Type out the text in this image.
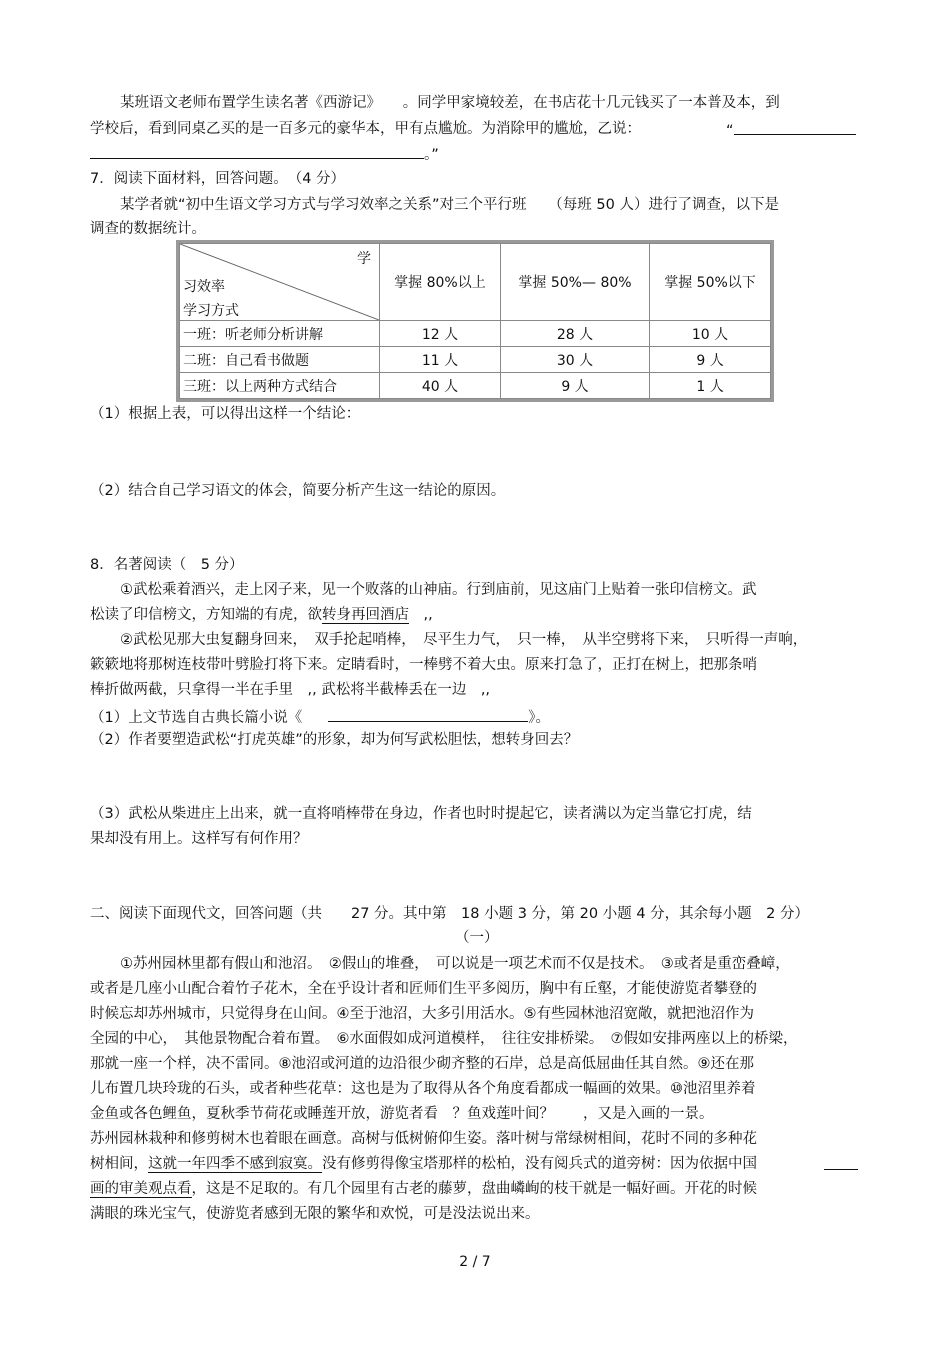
某班语文老师布置学生读名著《西游记》　　。同学甲家境较差，在书店花十几元钱买了一本普及本，到
学校后，看到同桌乙买的是一百多元的豪华本，甲有点尴尬。为消除甲的尴尬，乙说：	“
。”
7．阅读下面材料，回答问题。　（4 分）
某学者就“初中生语文学习方式与学习效率之关系”对三个平行班　　（每班 50 人）进行了调查，以下是
调查的数据统计。
学
习效率
学习方式	掌握 80%以上	掌握 50%— 80%	掌握 50%以下
一班：听老师分析讲解	12 人	28 人	10 人
二班：自己看书做题	11 人	30 人	9 人
三班：以上两种方式结合	40 人	9 人	1 人
（1）根据上表，可以得出这样一个结论：
（2）结合自己学习语文的体会，简要分析产生这一结论的原因。
8．名著阅读（　5 分）
①武松乘着酒兴，走上冈子来，见一个败落的山神庙。行到庙前，见这庙门上贴着一张印信榜文。武
松读了印信榜文，方知端的有虎，欲转身再回酒店　,,
②武松见那大虫复翻身回来，　双手抡起哨棒，　尽平生力气，　只一棒，　从半空劈将下来，　只听得一声响，
簌簌地将那树连枝带叶劈脸打将下来。定睛看时，一棒劈不着大虫。原来打急了，正打在树上，把那条哨
棒折做两截，只拿得一半在手里　,, 武松将半截棒丢在一边　,,
（1）上文节选自古典长篇小说《	》。
（2）作者要塑造武松“打虎英雄”的形象，却为何写武松胆怯，想转身回去？
（3）武松从柴进庄上出来，就一直将哨棒带在身边，作者也时时提起它，读者满以为定当靠它打虎，结
果却没有用上。这样写有何作用？
二、阅读下面现代文，回答问题（共　　27 分。其中第　18 小题 3 分，第 20 小题 4 分，其余每小题　2 分）
（一）
①苏州园林里都有假山和池沼。　②假山的堆叠，　可以说是一项艺术而不仅是技术。　③或者是重峦叠嶂，
或者是几座小山配合着竹子花木，全在乎设计者和匠师们生平多阅历，胸中有丘壑，才能使游览者攀登的
时候忘却苏州城市，只觉得身在山间。④至于池沼，大多引用活水。⑤有些园林池沼宽敞，就把池沼作为
全园的中心，　其他景物配合着布置。　⑥水面假如成河道模样，　往往安排桥梁。　⑦假如安排两座以上的桥梁，
那就一座一个样，决不雷同。⑧池沼或河道的边沿很少砌齐整的石岸，总是高低屈曲任其自然。⑨还在那
儿布置几块玲珑的石头，或者种些花草：这也是为了取得从各个角度看都成一幅画的效果。⑩池沼里养着
金鱼或各色鲤鱼，夏秋季节荷花或睡莲开放，游览者看　？鱼戏莲叶间？　　，又是入画的一景。
苏州园林栽种和修剪树木也着眼在画意。高树与低树俯仰生姿。落叶树与常绿树相间，花时不同的多种花
树相间，这就一年四季不感到寂寞。没有修剪得像宝塔那样的松柏，没有阅兵式的道旁树：因为依据中国
画的审美观点看，这是不足取的。有几个园里有古老的藤萝，盘曲嶙峋的枝干就是一幅好画。开花的时候
满眼的珠光宝气，使游览者感到无限的繁华和欢悦，可是没法说出来。
2 / 7
